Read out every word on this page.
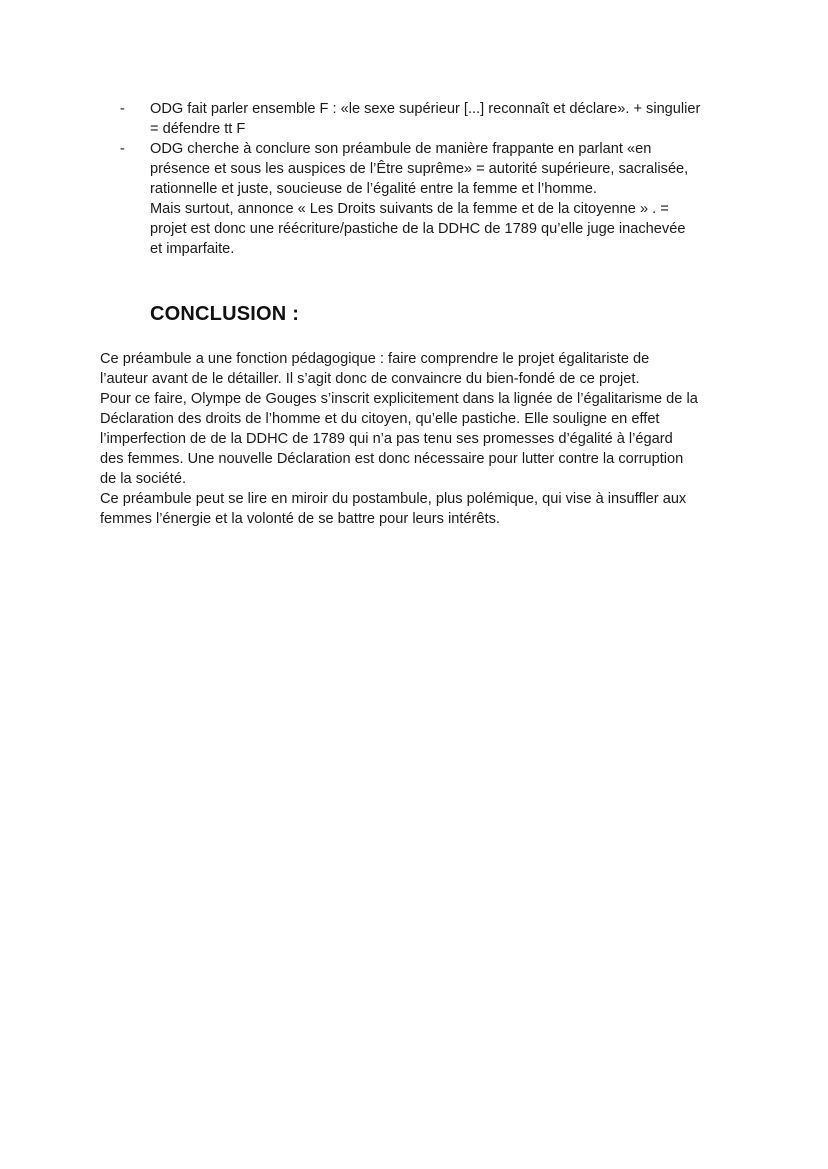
-	ODG fait parler ensemble F : «le sexe supérieur [...] reconnaît et déclare». + singulier
= défendre tt F
-	ODG cherche à conclure son préambule de manière frappante en parlant «en
présence et sous les auspices de l’Être suprême» = autorité supérieure, sacralisée,
rationnelle et juste, soucieuse de l’égalité entre la femme et l’homme.
Mais surtout, annonce « Les Droits suivants de la femme et de la citoyenne » . =
projet est donc une réécriture/pastiche de la DDHC de 1789 qu’elle juge inachevée
et imparfaite.
CONCLUSION :
Ce préambule a une fonction pédagogique : faire comprendre le projet égalitariste de
l’auteur avant de le détailler. Il s’agit donc de convaincre du bien-fondé de ce projet.
Pour ce faire, Olympe de Gouges s’inscrit explicitement dans la lignée de l’égalitarisme de la
Déclaration des droits de l’homme et du citoyen, qu’elle pastiche. Elle souligne en effet
l’imperfection de de la DDHC de 1789 qui n’a pas tenu ses promesses d’égalité à l’égard
des femmes. Une nouvelle Déclaration est donc nécessaire pour lutter contre la corruption
de la société.
Ce préambule peut se lire en miroir du postambule, plus polémique, qui vise à insuffler aux
femmes l’énergie et la volonté de se battre pour leurs intérêts.
